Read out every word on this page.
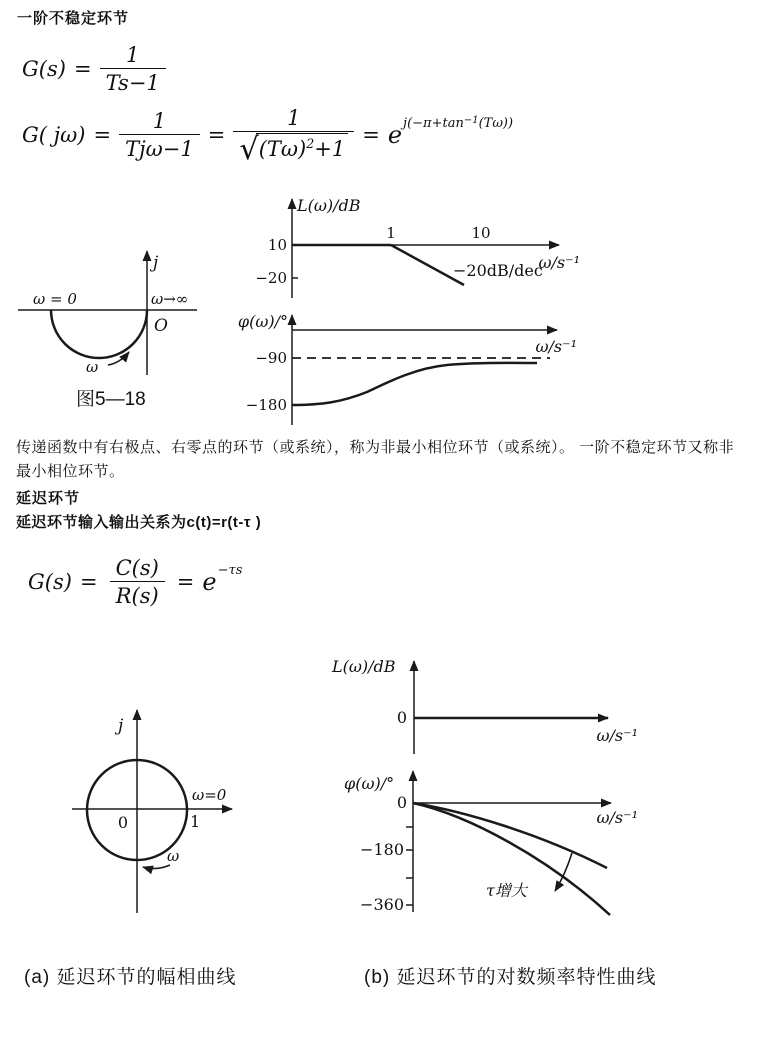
一阶不稳定环节
$G(s) = \frac{1}{Ts-1}$
G( $j\omega) = \frac{1}{\text{Tjω−1}} = \frac{1}{√ (T\omega)^2+1} = e$ $j(-\pi+\tan^{-1}(T\omega))$
j
ω = 0	ω→∞
O
ω
图5—18
L(ω)/dB
10
−20
1	10
ω/s⁻¹
−20dB/dec
φ(ω)/°
ω/s⁻¹
−90
−180
传递函数中有右极点、右零点的环节（或系统），称为非最小相位环节（或系统）。 一阶不稳定环节又称非最小相位环节。
延迟环节
延迟环节输入输出关系为c(t)=r(t-τ )
$G(s) = \frac{C(s)}{R(s)} = e -\tau s$
j
ω=0
0	1
ω
L(ω)/dB
0
ω/s⁻¹
φ(ω)/°
0
ω/s⁻¹
−180
−360
τ增大
(a) 延迟环节的幅相曲线	(b) 延迟环节的对数频率特性曲线
